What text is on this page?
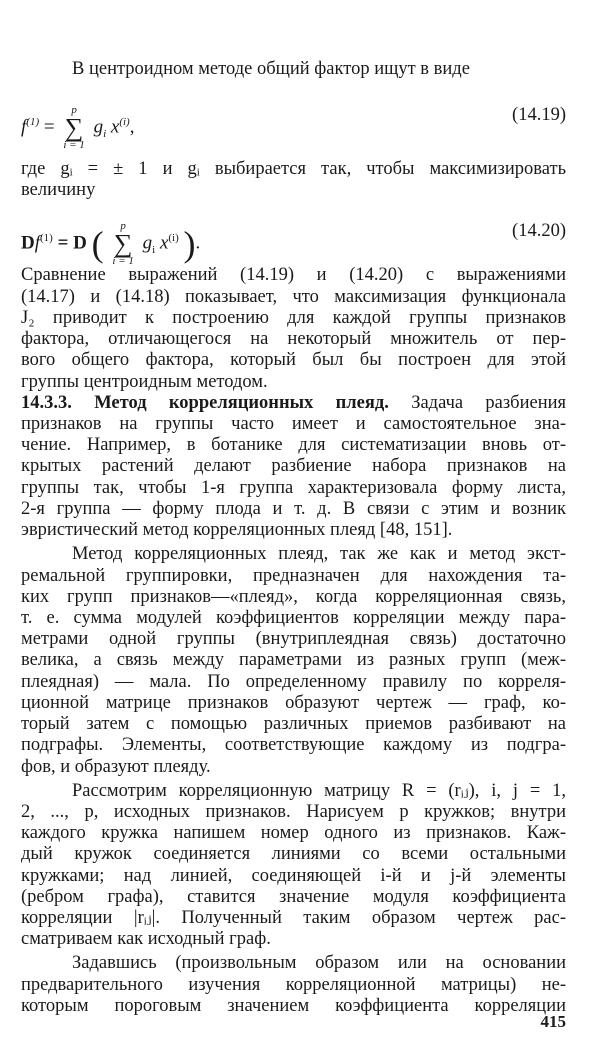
В центроидном методе общий фактор ищут в виде
$f^{(1)}$ =
p
∑
i = 1
$g_i$ $x^{(i)}$,
(14.19)
где gᵢ = ± 1 и gᵢ выбирается так, чтобы максимизировать
величину
$Df^{(1)} = D$ (	p
∑
i = 1
$g_i$ $x^{(i)}$ ).
(14.20)
Сравнение выражений (14.19) и (14.20) с выражениями
(14.17) и (14.18) показывает, что максимизация функционала
J₂ приводит к построению для каждой группы признаков
фактора, отличающегося на некоторый множитель от пер-
вого общего фактора, который был бы построен для этой
группы центроидным методом.
14.3.3. Метод корреляционных плеяд. Задача разбиения
признаков на группы часто имеет и самостоятельное зна-
чение. Например, в ботанике для систематизации вновь от-
крытых растений делают разбиение набора признаков на
группы так, чтобы 1-я группа характеризовала форму листа,
2-я группа — форму плода и т. д. В связи с этим и возник
эвристический метод корреляционных плеяд [48, 151].
Метод корреляционных плеяд, так же как и метод экст-
ремальной группировки, предназначен для нахождения та-
ких групп признаков—«плеяд», когда корреляционная связь,
т. е. сумма модулей коэффициентов корреляции между пара-
метрами одной группы (внутриплеядная связь) достаточно
велика, а связь между параметрами из разных групп (меж-
плеядная) — мала. По определенному правилу по корреля-
ционной матрице признаков образуют чертеж — граф, ко-
торый затем с помощью различных приемов разбивают на
подграфы. Элементы, соответствующие каждому из подгра-
фов, и образуют плеяду.
Рассмотрим корреляционную матрицу R = (rᵢⱼ), i, j = 1,
2, ..., p, исходных признаков. Нарисуем p кружков; внутри
каждого кружка напишем номер одного из признаков. Каж-
дый кружок соединяется линиями со всеми остальными
кружками; над линией, соединяющей i-й и j-й элементы
(ребром графа), ставится значение модуля коэффициента
корреляции |rᵢⱼ|. Полученный таким образом чертеж рас-
сматриваем как исходный граф.
Задавшись (произвольным образом или на основании
предварительного изучения корреляционной матрицы) не-
которым пороговым значением коэффициента корреляции
415
